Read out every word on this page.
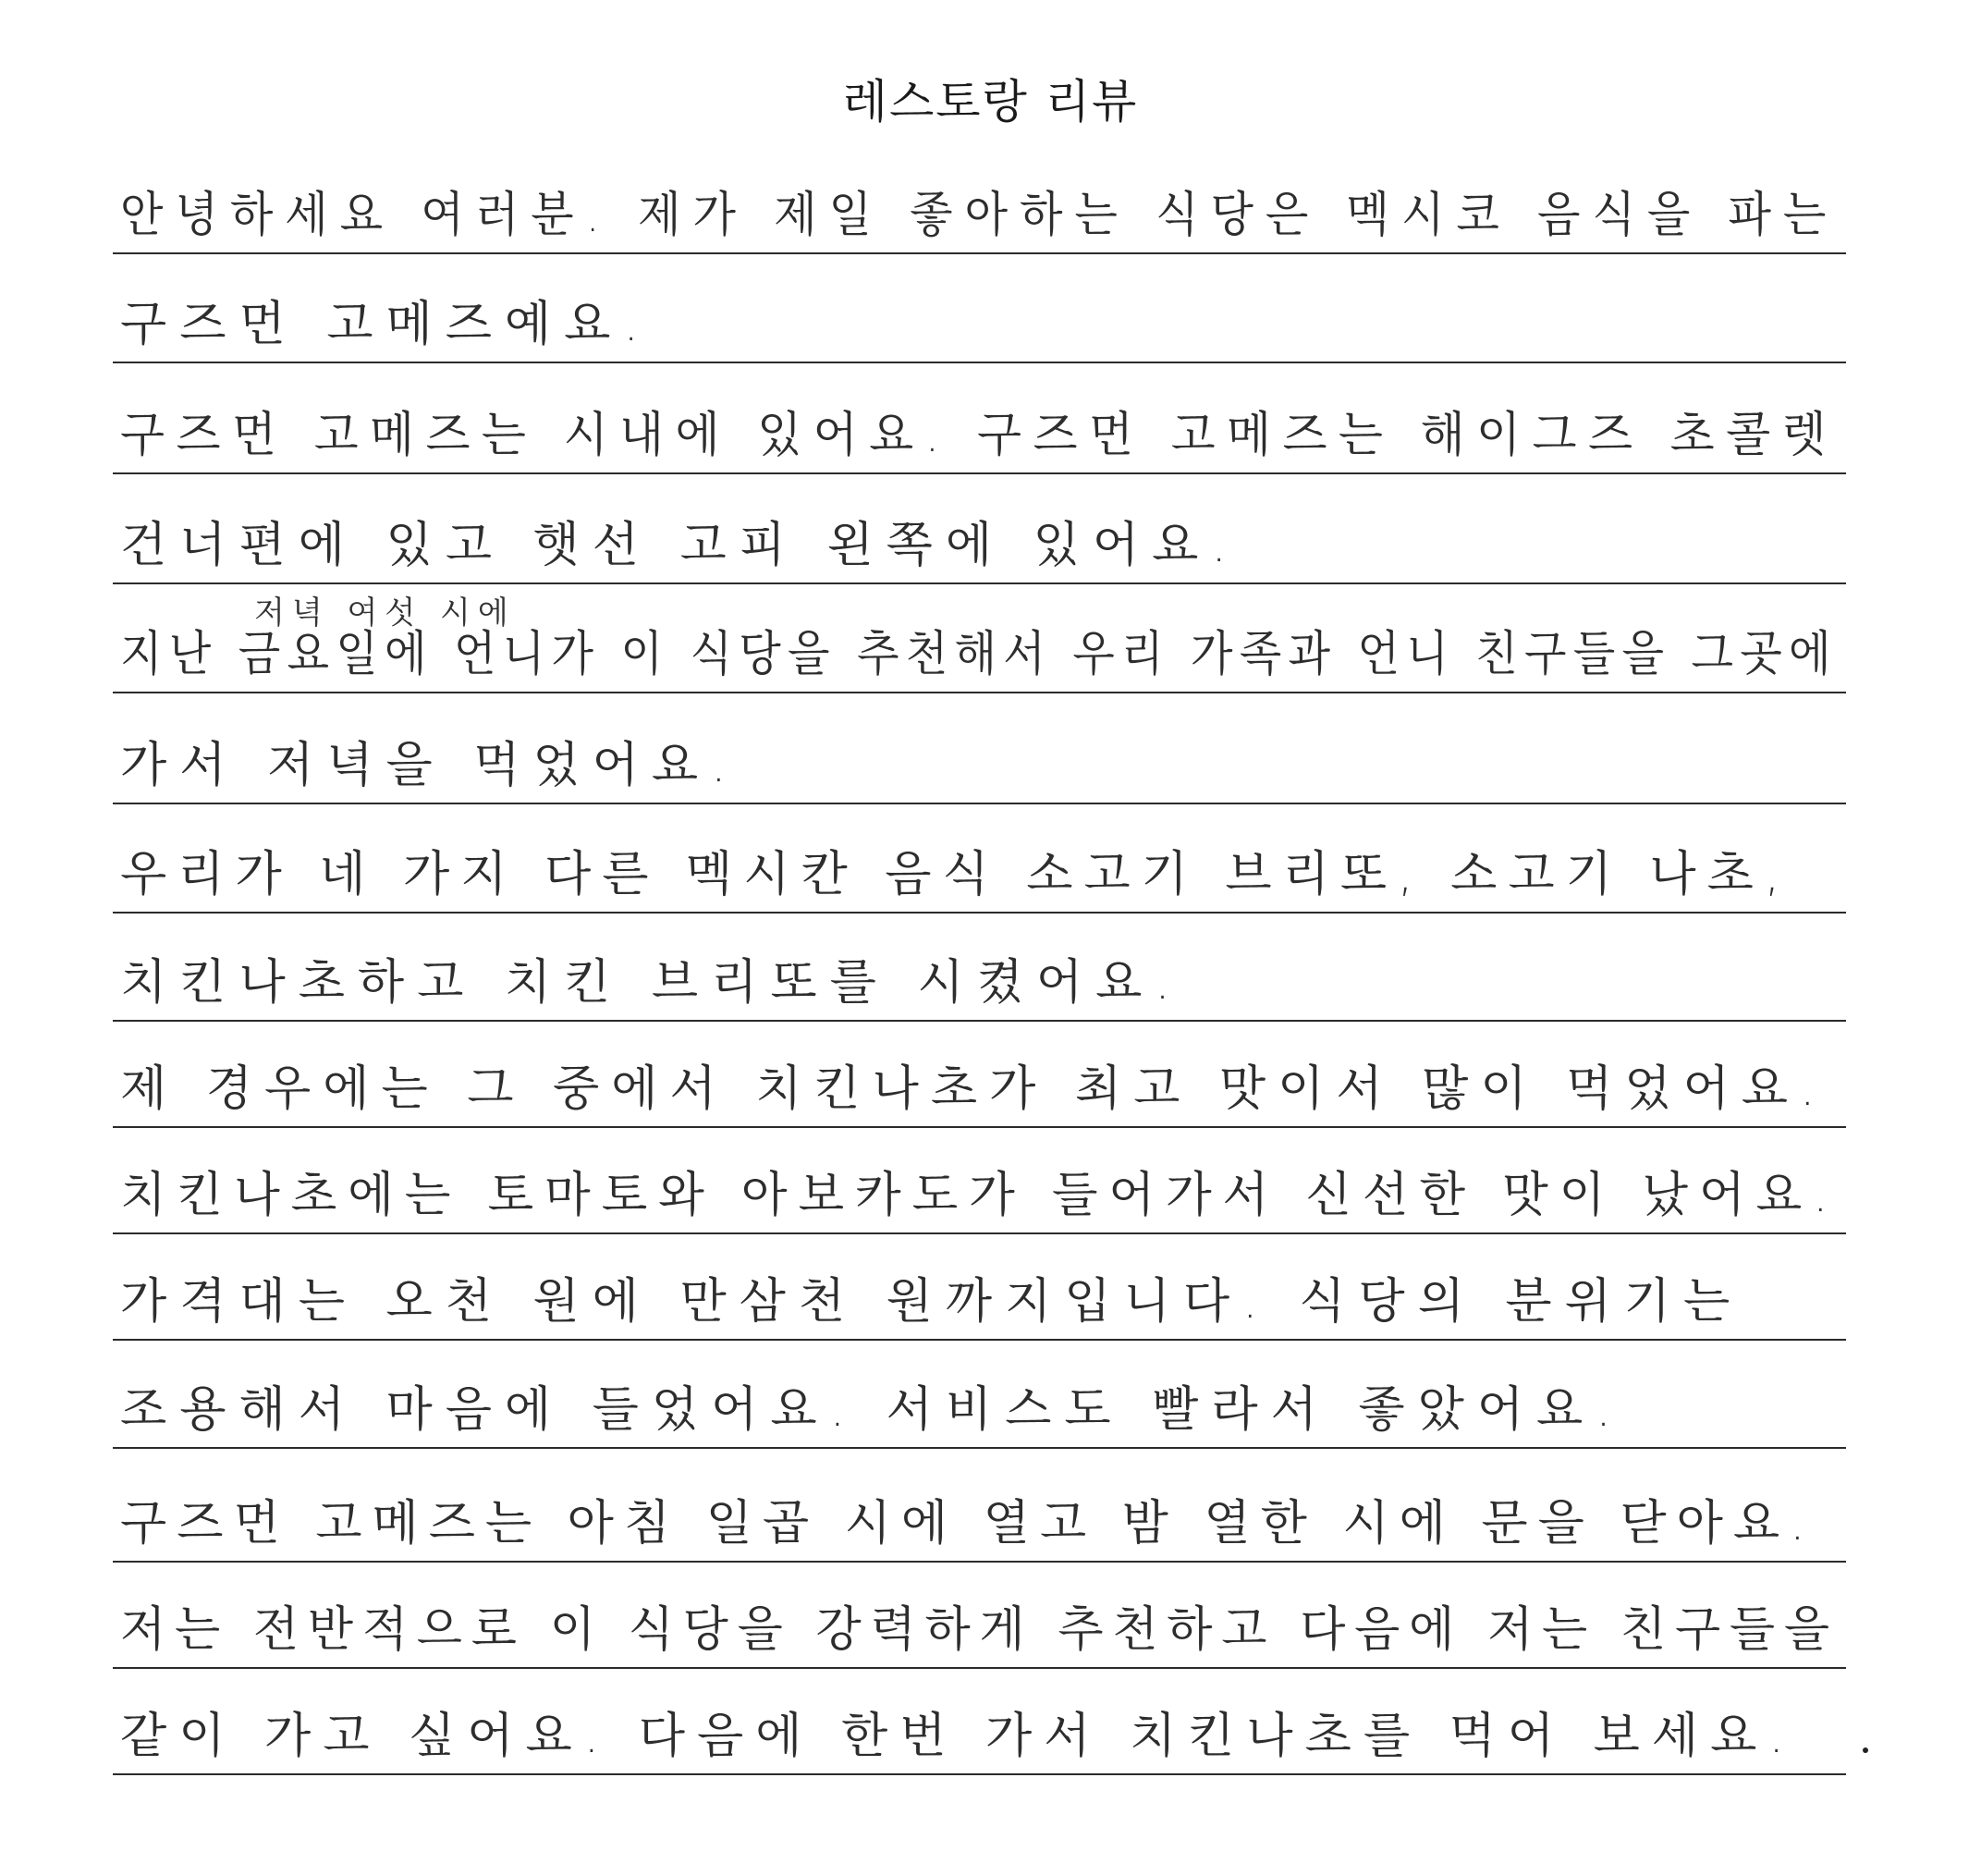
레스토랑 리뷰
저녁 여섯 시에
안녕하세요 여러분. 제가 제일 좋아하는 식당은 멕시코 음식을 파는
구즈먼 고메즈예요.
구즈먼 고메즈는 시내에 있어요. 구즈먼 고메즈는 해이그즈 초콜렛
건너편에 있고 햇선 고피 왼쪽에 있어요.
지난 금요일에 언니가 이 식당을 추천해서 우리 가족과 언니 친구들을 그곳에
가서 저녁을 먹었어요.
우리가 네 가지 다른 멕시칸 음식 소고기 브리또, 소고기 나초,
치킨나초하고 치킨 브리또를 시켰어요.
제 경우에는 그 중에서 치킨나초가 최고 맛이서 많이 먹었어요.
치킨나초에는 토마토와 아보카도가 들어가서 신선한 맛이 났어요.
가격대는 오천 원에 만삼천 원까지입니다. 식당의 분위기는
조용해서 마음에 들었어요. 서비스도 빨라서 좋았어요.
구즈먼 고메즈는 아침 일곱 시에 열고 밤 열한 시에 문을 닫아요.
저는 전반적으로 이 식당을 강력하게 추천하고 다음에 저는 친구들을
같이 가고 싶어요. 다음에 한번 가서 치킨나초를 먹어 보세요.
